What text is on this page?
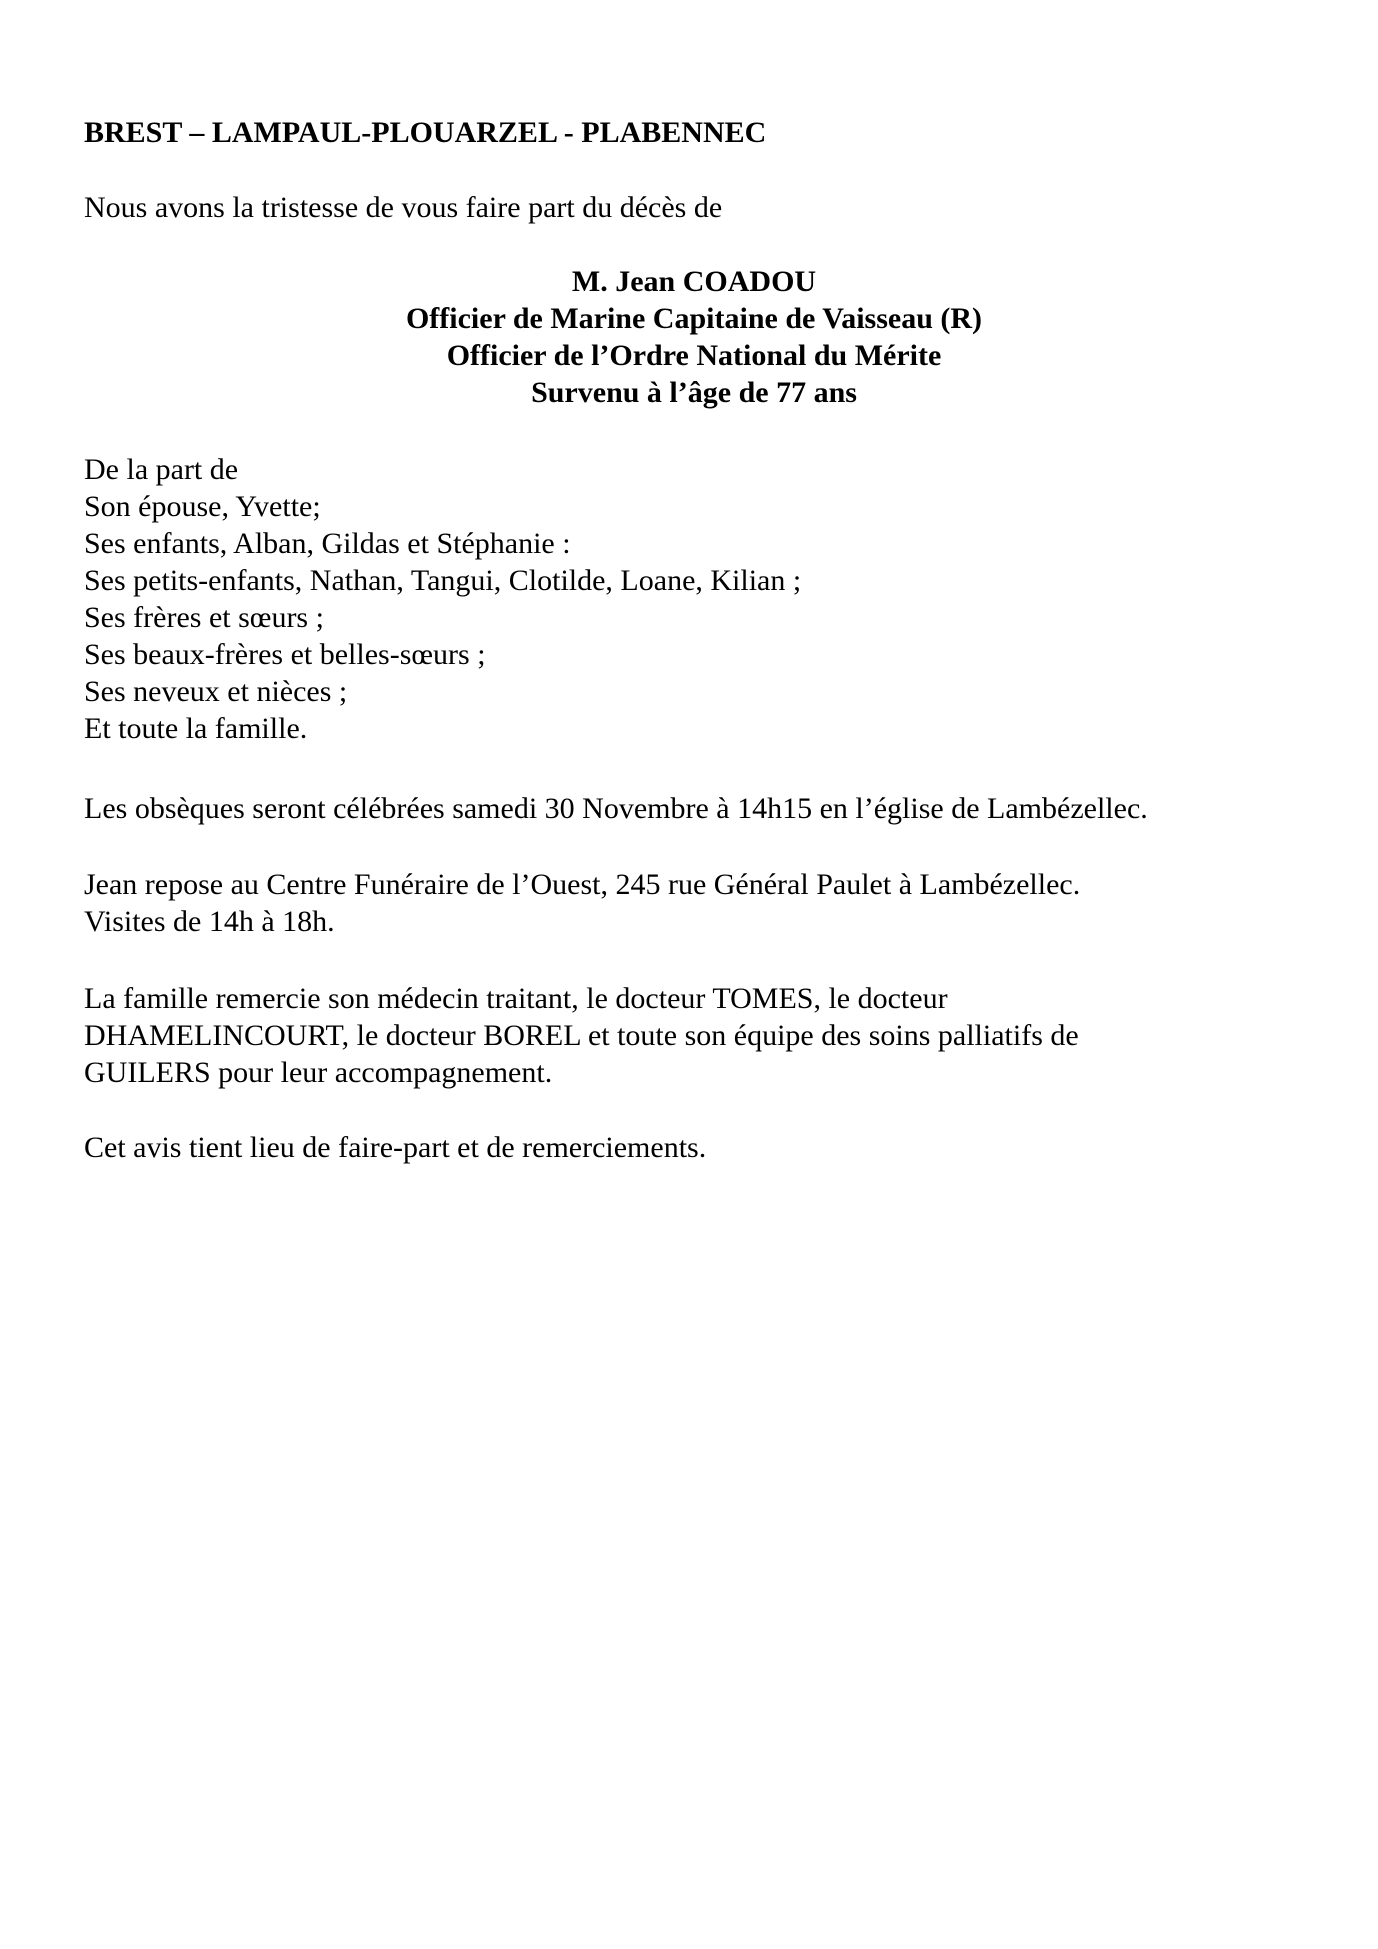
BREST – LAMPAUL-PLOUARZEL - PLABENNEC

Nous avons la tristesse de vous faire part du décès de

M. Jean COADOU

Officier de Marine Capitaine de Vaisseau (R)

Officier de l’Ordre National du Mérite

Survenu à l’âge de 77 ans

De la part de

Son épouse, Yvette;

Ses enfants, Alban, Gildas et Stéphanie :

Ses petits-enfants, Nathan, Tangui, Clotilde, Loane, Kilian ;

Ses frères et sœurs ;

Ses beaux-frères et belles-sœurs ;

Ses neveux et nièces ;

Et toute la famille.

Les obsèques seront célébrées samedi 30 Novembre à 14h15 en l’église de Lambézellec.

Jean repose au Centre Funéraire de l’Ouest, 245 rue Général Paulet à Lambézellec.

Visites de 14h à 18h.

La famille remercie son médecin traitant, le docteur TOMES, le docteur

DHAMELINCOURT, le docteur BOREL et toute son équipe des soins palliatifs de

GUILERS pour leur accompagnement.

Cet avis tient lieu de faire-part et de remerciements.
